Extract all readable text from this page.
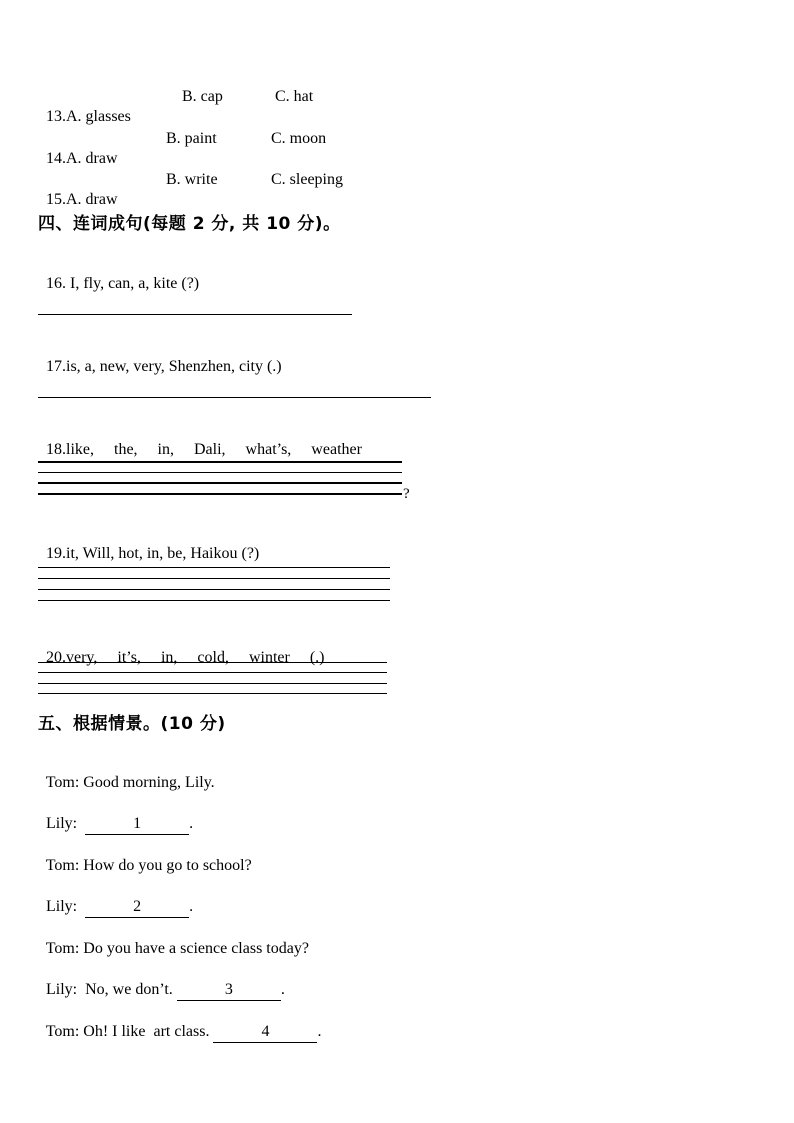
13.A. glasses

B. cap	C. hat

14.A. draw

B. paint	C. moon

15.A. draw

B. write	C. sleeping
四、连词成句(每题 2 分, 共 10 分)。

16. I, fly, can, a, kite (?)

17.is, a, new, very, Shenzhen, city (.)

18.like,     the,     in,     Dali,     what’s,     weather

?

19.it, Will, hot, in, be, Haikou (?)

20.very,     it’s,     in,     cold,     winter     (.)

五、根据情景。(10 分)

Tom: Good morning, Lily.

Lily:	1	.

Tom: How do you go to school?

Lily:	2	.

Tom: Do you have a science class today?

Lily:  No, we don’t.	3	.

Tom: Oh! I like  art class.	4	.
